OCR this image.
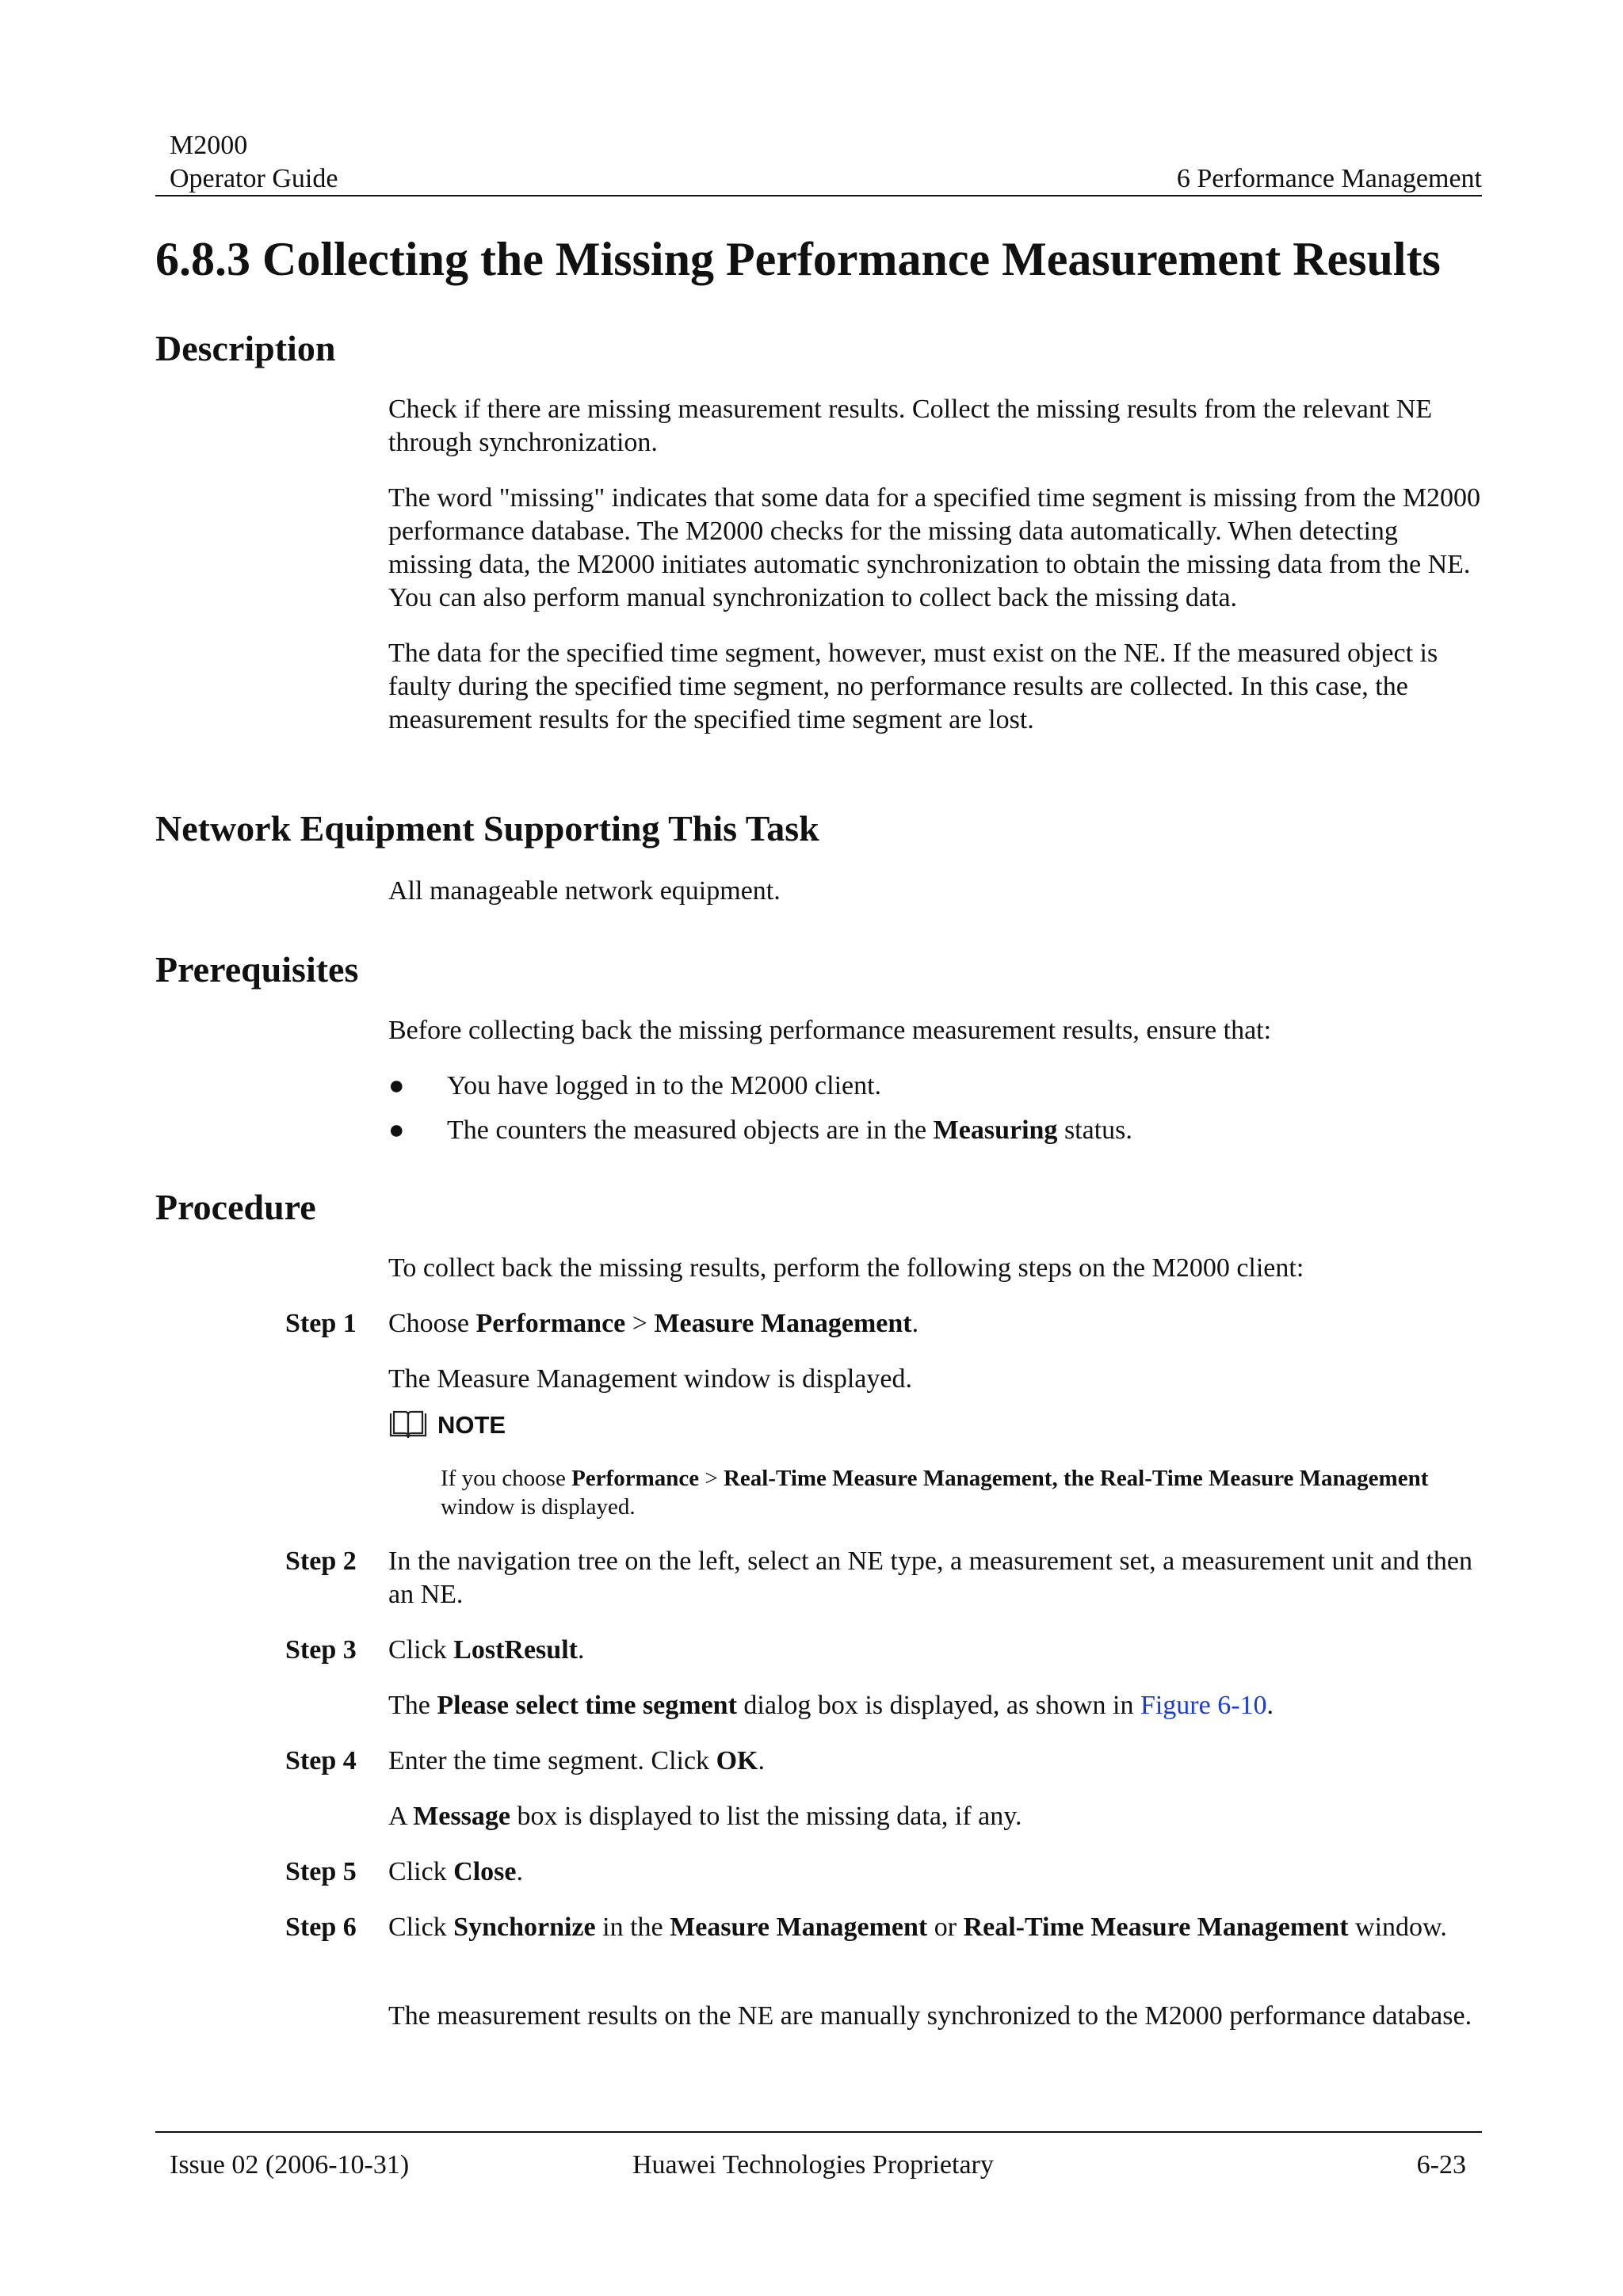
M2000
Operator Guide	6 Performance Management
6.8.3 Collecting the Missing Performance Measurement Results
Description

Check if there are missing measurement results. Collect the missing results from the relevant NE through synchronization.

The word "missing" indicates that some data for a specified time segment is missing from the M2000 performance database. The M2000 checks for the missing data automatically. When detecting missing data, the M2000 initiates automatic synchronization to obtain the missing data from the NE. You can also perform manual synchronization to collect back the missing data.

The data for the specified time segment, however, must exist on the NE. If the measured object is faulty during the specified time segment, no performance results are collected. In this case, the measurement results for the specified time segment are lost.

Network Equipment Supporting This Task
All manageable network equipment.
Prerequisites
Before collecting back the missing performance measurement results, ensure that:
● You have logged in to the M2000 client.
● The counters the measured objects are in the Measuring status.
Procedure
To collect back the missing results, perform the following steps on the M2000 client:
Step 1 Choose Performance > Measure Management.
The Measure Management window is displayed.
NOTE
If you choose Performance > Real-Time Measure Management, the Real-Time Measure Management window is displayed.
Step 2 In the navigation tree on the left, select an NE type, a measurement set, a measurement unit and then an NE.
Step 3 Click LostResult.
The Please select time segment dialog box is displayed, as shown in Figure 6-10.
Step 4 Enter the time segment. Click OK.
A Message box is displayed to list the missing data, if any.
Step 5 Click Close.
Step 6 Click Synchornize in the Measure Management or Real-Time Measure Management window.
The measurement results on the NE are manually synchronized to the M2000 performance database.
Issue 02 (2006-10-31)	Huawei Technologies Proprietary	6-23
